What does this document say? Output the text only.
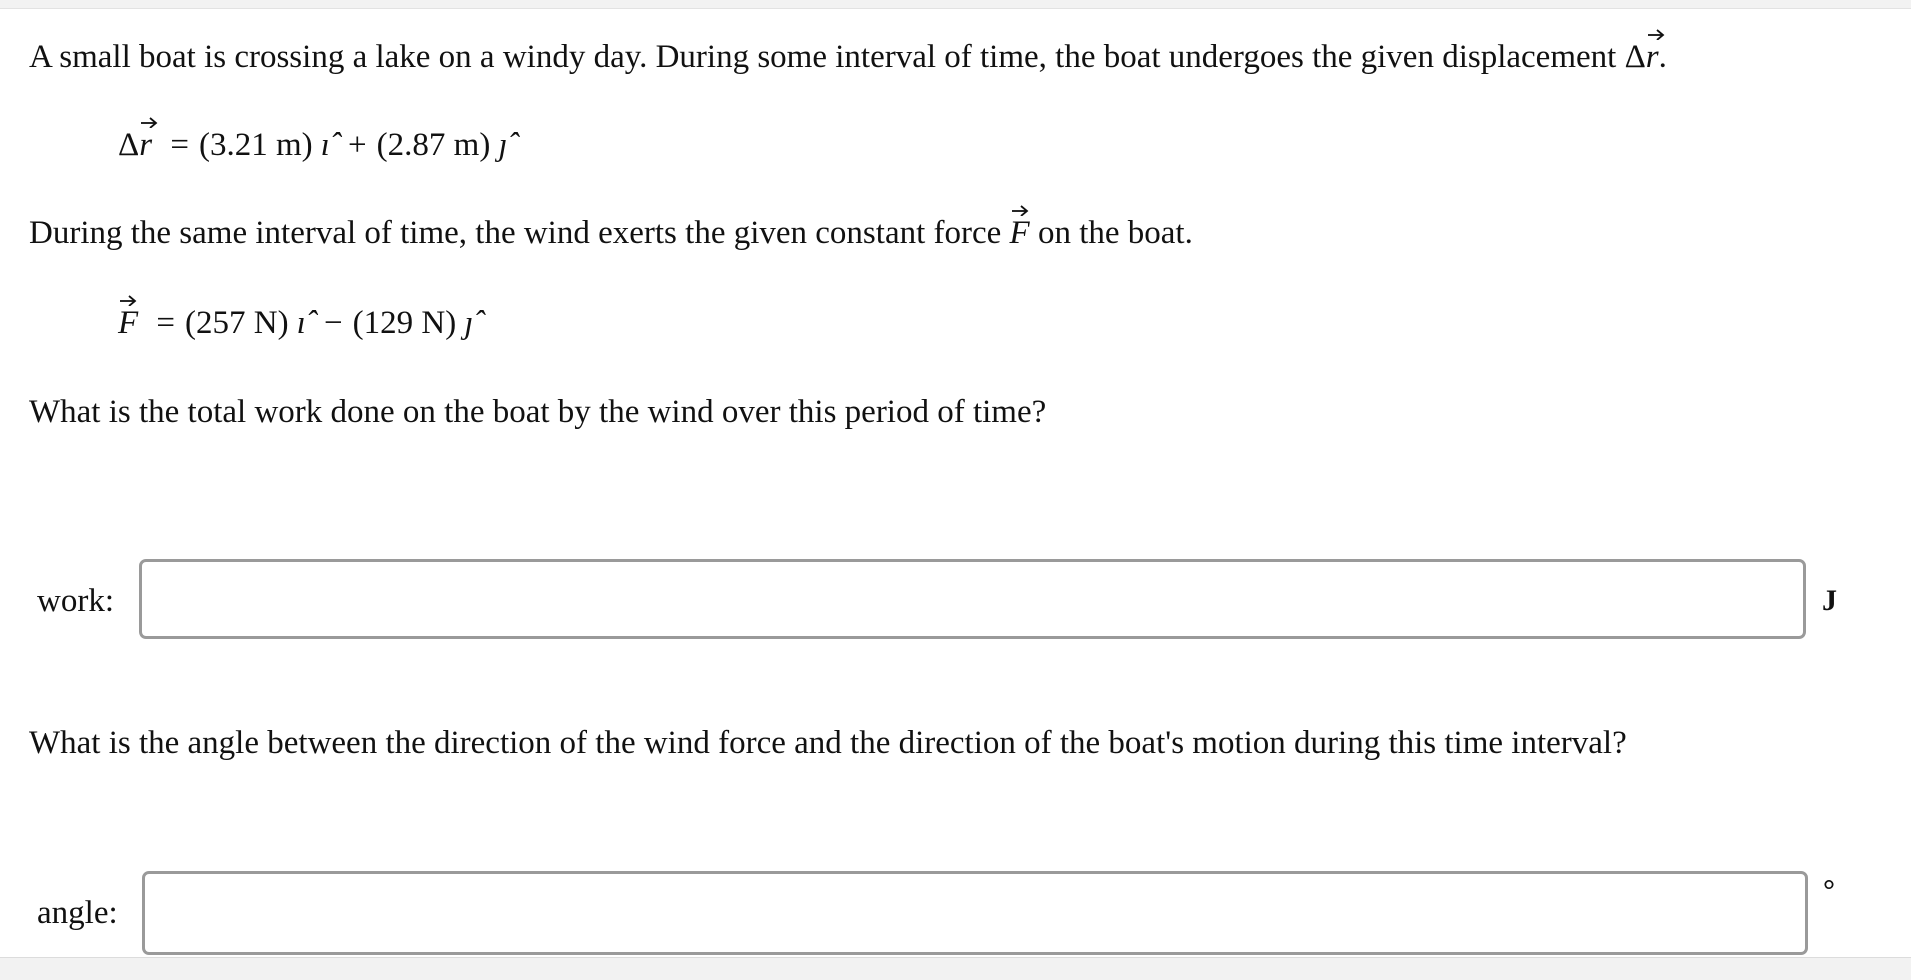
A small boat is crossing a lake on a windy day. During some interval of time, the boat undergoes the given displacement Δr
.
Δr = (3.21 m) ı̂ + (2.87 m) ȷ̂
During the same interval of time, the wind exerts the given constant force F on the boat.
F = (257 N) ı̂ − (129 N) ȷ̂
What is the total work done on the boat by the wind over this period of time?
work:	J
What is the angle between the direction of the wind force and the direction of the boat's motion during this time interval?
angle:
°
